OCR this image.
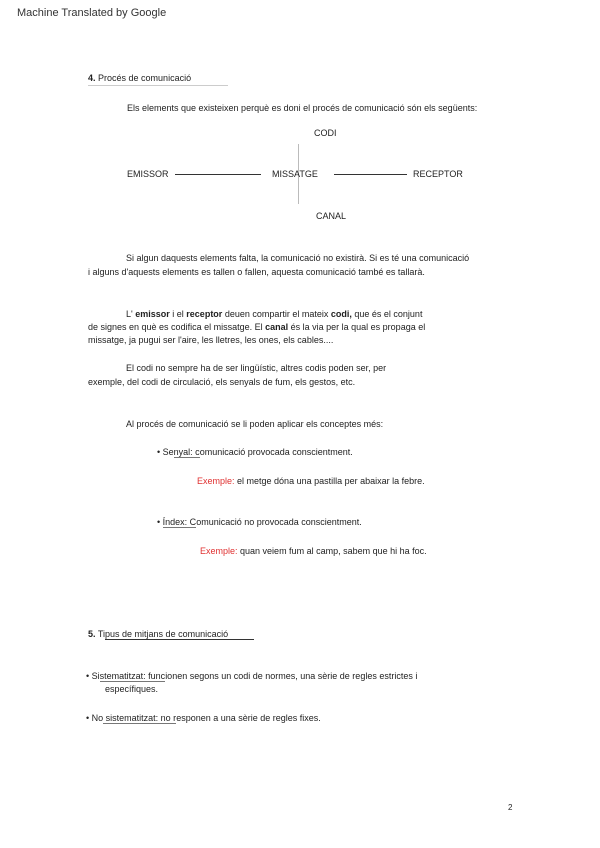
Machine Translated by Google
4. Procés de comunicació
Els elements que existeixen perquè es doni el procés de comunicació són els següents:
CODI
EMISSOR	MISSATGE	RECEPTOR
CANAL
Si algun daquests elements falta, la comunicació no existirà. Si es té una comunicació
i alguns d'aquests elements es tallen o fallen, aquesta comunicació també es tallarà.
L' emissor i el receptor deuen compartir el mateix codi, que és el conjunt
de signes en què es codifica el missatge. El canal és la via per la qual es propaga el
missatge, ja pugui ser l'aire, les lletres, les ones, els cables....
El codi no sempre ha de ser lingüístic, altres codis poden ser, per
exemple, del codi de circulació, els senyals de fum, els gestos, etc.
Al procés de comunicació se li poden aplicar els conceptes més:
• Senyal: comunicació provocada conscientment.
Exemple: el metge dóna una pastilla per abaixar la febre.
• Índex: Comunicació no provocada conscientment.
Exemple: quan veiem fum al camp, sabem que hi ha foc.
5. Tipus de mitjans de comunicació
• Sistematitzat: funcionen segons un codi de normes, una sèrie de regles estrictes i
específiques.
• No sistematitzat: no responen a una sèrie de regles fixes.
2
